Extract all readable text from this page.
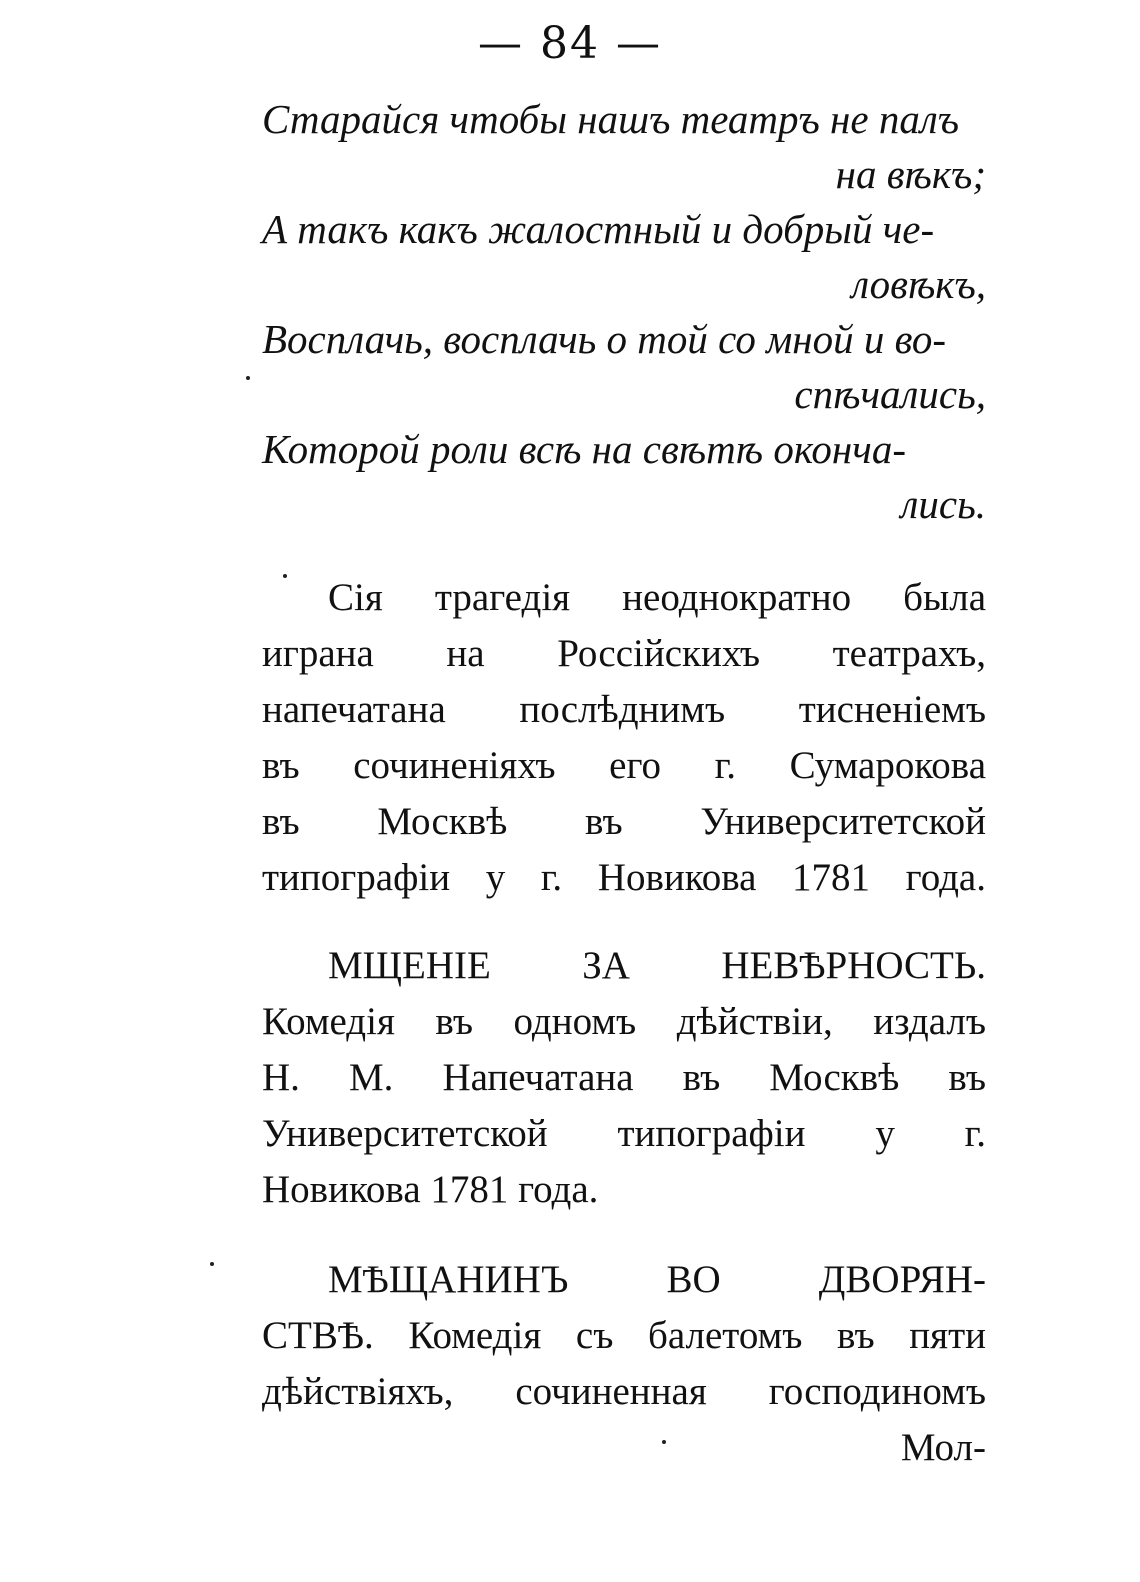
— 84 —
Старайся чтобы нашъ театръ не палъ
на вѣкъ;
А такъ какъ жалостный и добрый че-
ловѣкъ,
Восплачь, восплачь о той со мной и во-
спѣчались,
Которой роли всѣ на свѣтѣ оконча-
лись.
Сія трагедія неоднократно была
играна на Россійскихъ театрахъ,
напечатана послѣднимъ тисненіемъ
въ сочиненіяхъ его г. Сумарокова
въ Москвѣ въ Университетской
типографіи у г. Новикова 1781 года.
МЩЕНІЕ ЗА НЕВѢРНОСТЬ.
Комедія въ одномъ дѣйствіи, издалъ
Н. М. Напечатана въ Москвѣ въ
Университетской типографіи у г.
Новикова 1781 года.
МѢЩАНИНЪ ВО ДВОРЯН-
СТВѢ. Комедія съ балетомъ въ пяти
дѣйствіяхъ, сочиненная господиномъ
Мол-
